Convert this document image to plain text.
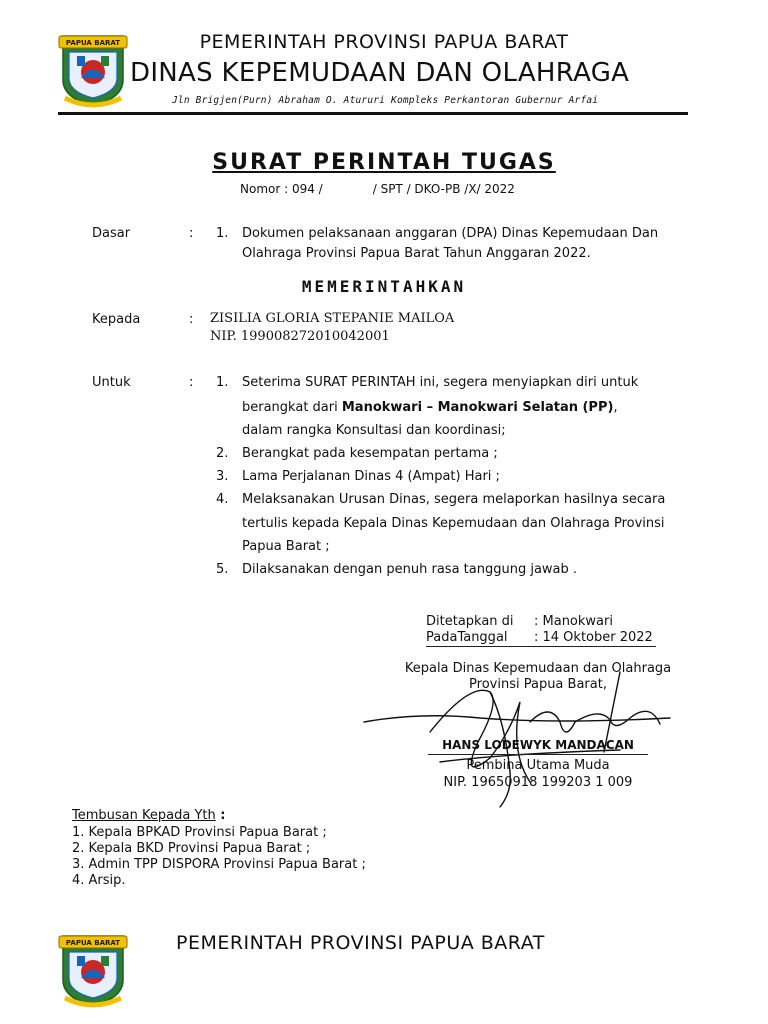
PAPUA BARAT	PEMERINTAH PROVINSI PAPUA BARAT
DINAS KEPEMUDAAN DAN OLAHRAGA
Jln Brigjen(Purn) Abraham O. Atururi Kompleks Perkantoran Gubernur Arfai
SURAT PERINTAH TUGAS
Nomor : 094 /	/ SPT / DKO-PB /X/ 2022
Dasar	: 1. Dokumen pelaksanaan anggaran (DPA) Dinas Kepemudaan Dan
Olahraga Provinsi Papua Barat Tahun Anggaran 2022.
MEMERINTAHKAN
Kepada	: ZISILIA GLORIA STEPANIE MAILOA
NIP. 199008272010042001
Untuk	: 1. Seterima SURAT PERINTAH ini, segera menyiapkan diri untuk
berangkat dari Manokwari – Manokwari Selatan (PP),
dalam rangka Konsultasi dan koordinasi;
2. Berangkat pada kesempatan pertama ;
3. Lama Perjalanan Dinas 4 (Ampat) Hari ;
4. Melaksanakan Urusan Dinas, segera melaporkan hasilnya secara
tertulis kepada Kepala Dinas Kepemudaan dan Olahraga Provinsi
Papua Barat ;
5. Dilaksanakan dengan penuh rasa tanggung jawab .
Ditetapkan di : Manokwari
PadaTanggal : 14 Oktober 2022
Kepala Dinas Kepemudaan dan Olahraga
Provinsi Papua Barat,
HANS LODEWYK MANDACAN
Pembina Utama Muda
NIP. 19650918 199203 1 009
Tembusan Kepada Yth :
1. Kepala BPKAD Provinsi Papua Barat ;
2. Kepala BKD Provinsi Papua Barat ;
3. Admin TPP DISPORA Provinsi Papua Barat ;
4. Arsip.
PAPUA BARAT	PEMERINTAH PROVINSI PAPUA BARAT
